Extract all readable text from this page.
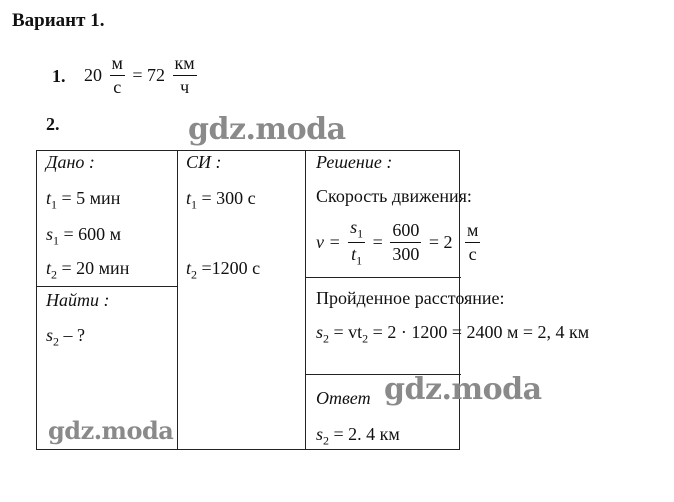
Вариант 1.
1. $20 \frac{м}{с} = 72 \frac{км}{ч}$
2.	gdz.moda
Дано :
$t_1 = 5$ мин
$s_1 = 600$ м
$t_2 = 20$ мин
Найти :
$s_2$ – ?
gdz.moda
СИ :
$t_1 = 300$ с
$t_2 =1200$ с
Решение :
Скорость движения:
$v = \frac{s_1}{t_1} = \frac{600}{300} = 2 \frac{м}{с}$
Пройденное расстояние:
$s_2 = vt_2 = 2 \cdot 1200 = 2400$ м = 2, 4 км
Ответ gdz.moda
$s_2 = 2$. 4 км
